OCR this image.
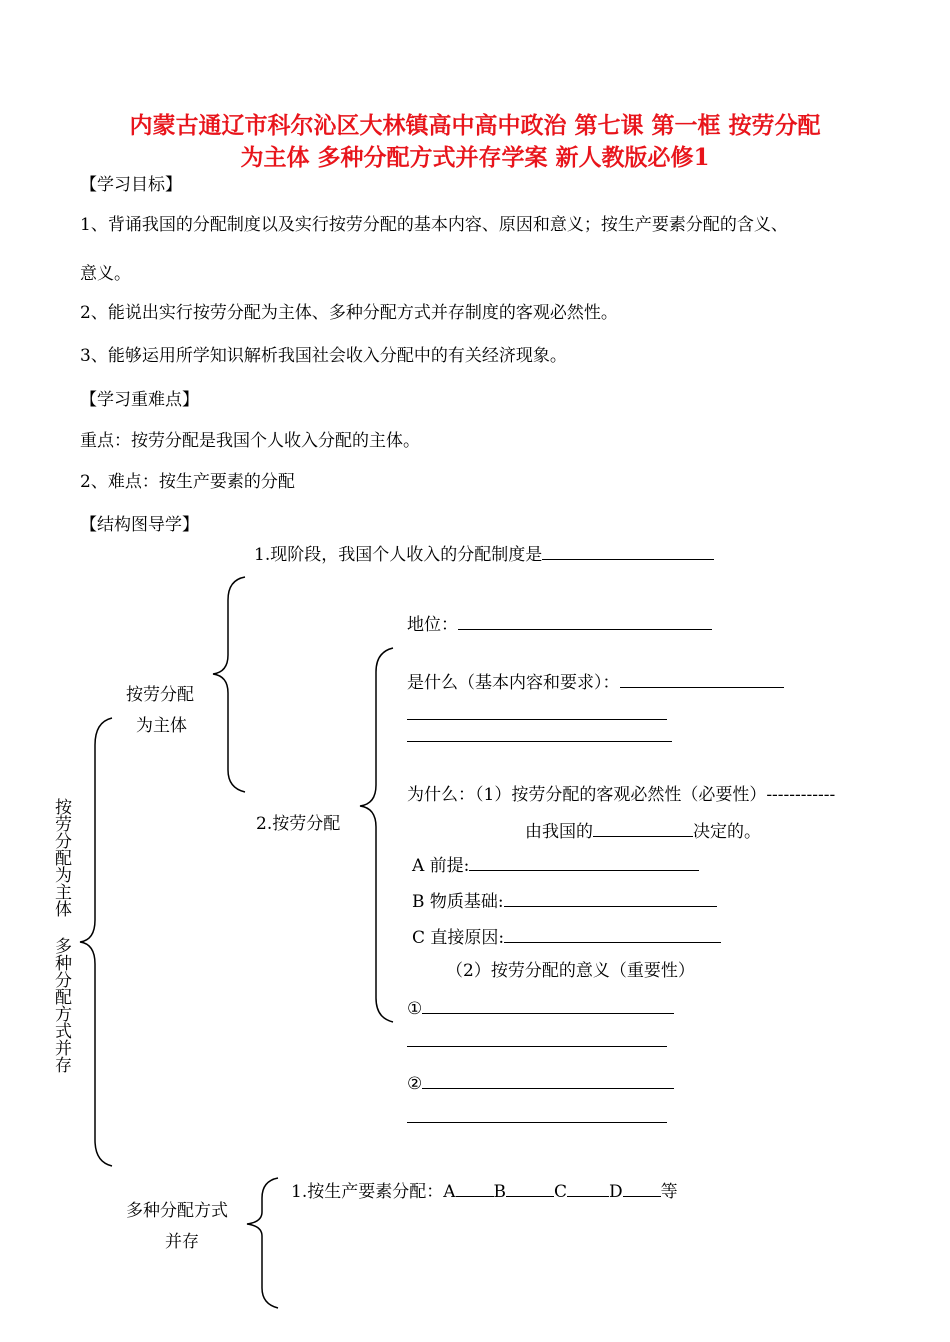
内蒙古通辽市科尔沁区大林镇高中高中政治 第七课 第一框 按劳分配
为主体 多种分配方式并存学案 新人教版必修1
【学习目标】
1、背诵我国的分配制度以及实行按劳分配的基本内容、原因和意义；按生产要素分配的含义、
意义。
2、能说出实行按劳分配为主体、多种分配方式并存制度的客观必然性。
3、能够运用所学知识解析我国社会收入分配中的有关经济现象。
【学习重难点】
重点：按劳分配是我国个人收入分配的主体。
2、难点：按生产要素的分配
【结构图导学】
按劳分配为主体 多种分配方式并存
按劳分配
为主体
1.现阶段，我国个人收入的分配制度是
地位：
是什么（基本内容和要求）：
2.按劳分配
为什么：（1）按劳分配的客观必然性（必要性）------------
由我国的	决定的。
A 前提:
B 物质基础:
C 直接原因:
（2）按劳分配的意义（重要性）
①
②
多种分配方式
并存
1.按生产要素分配：A B	C D 等
